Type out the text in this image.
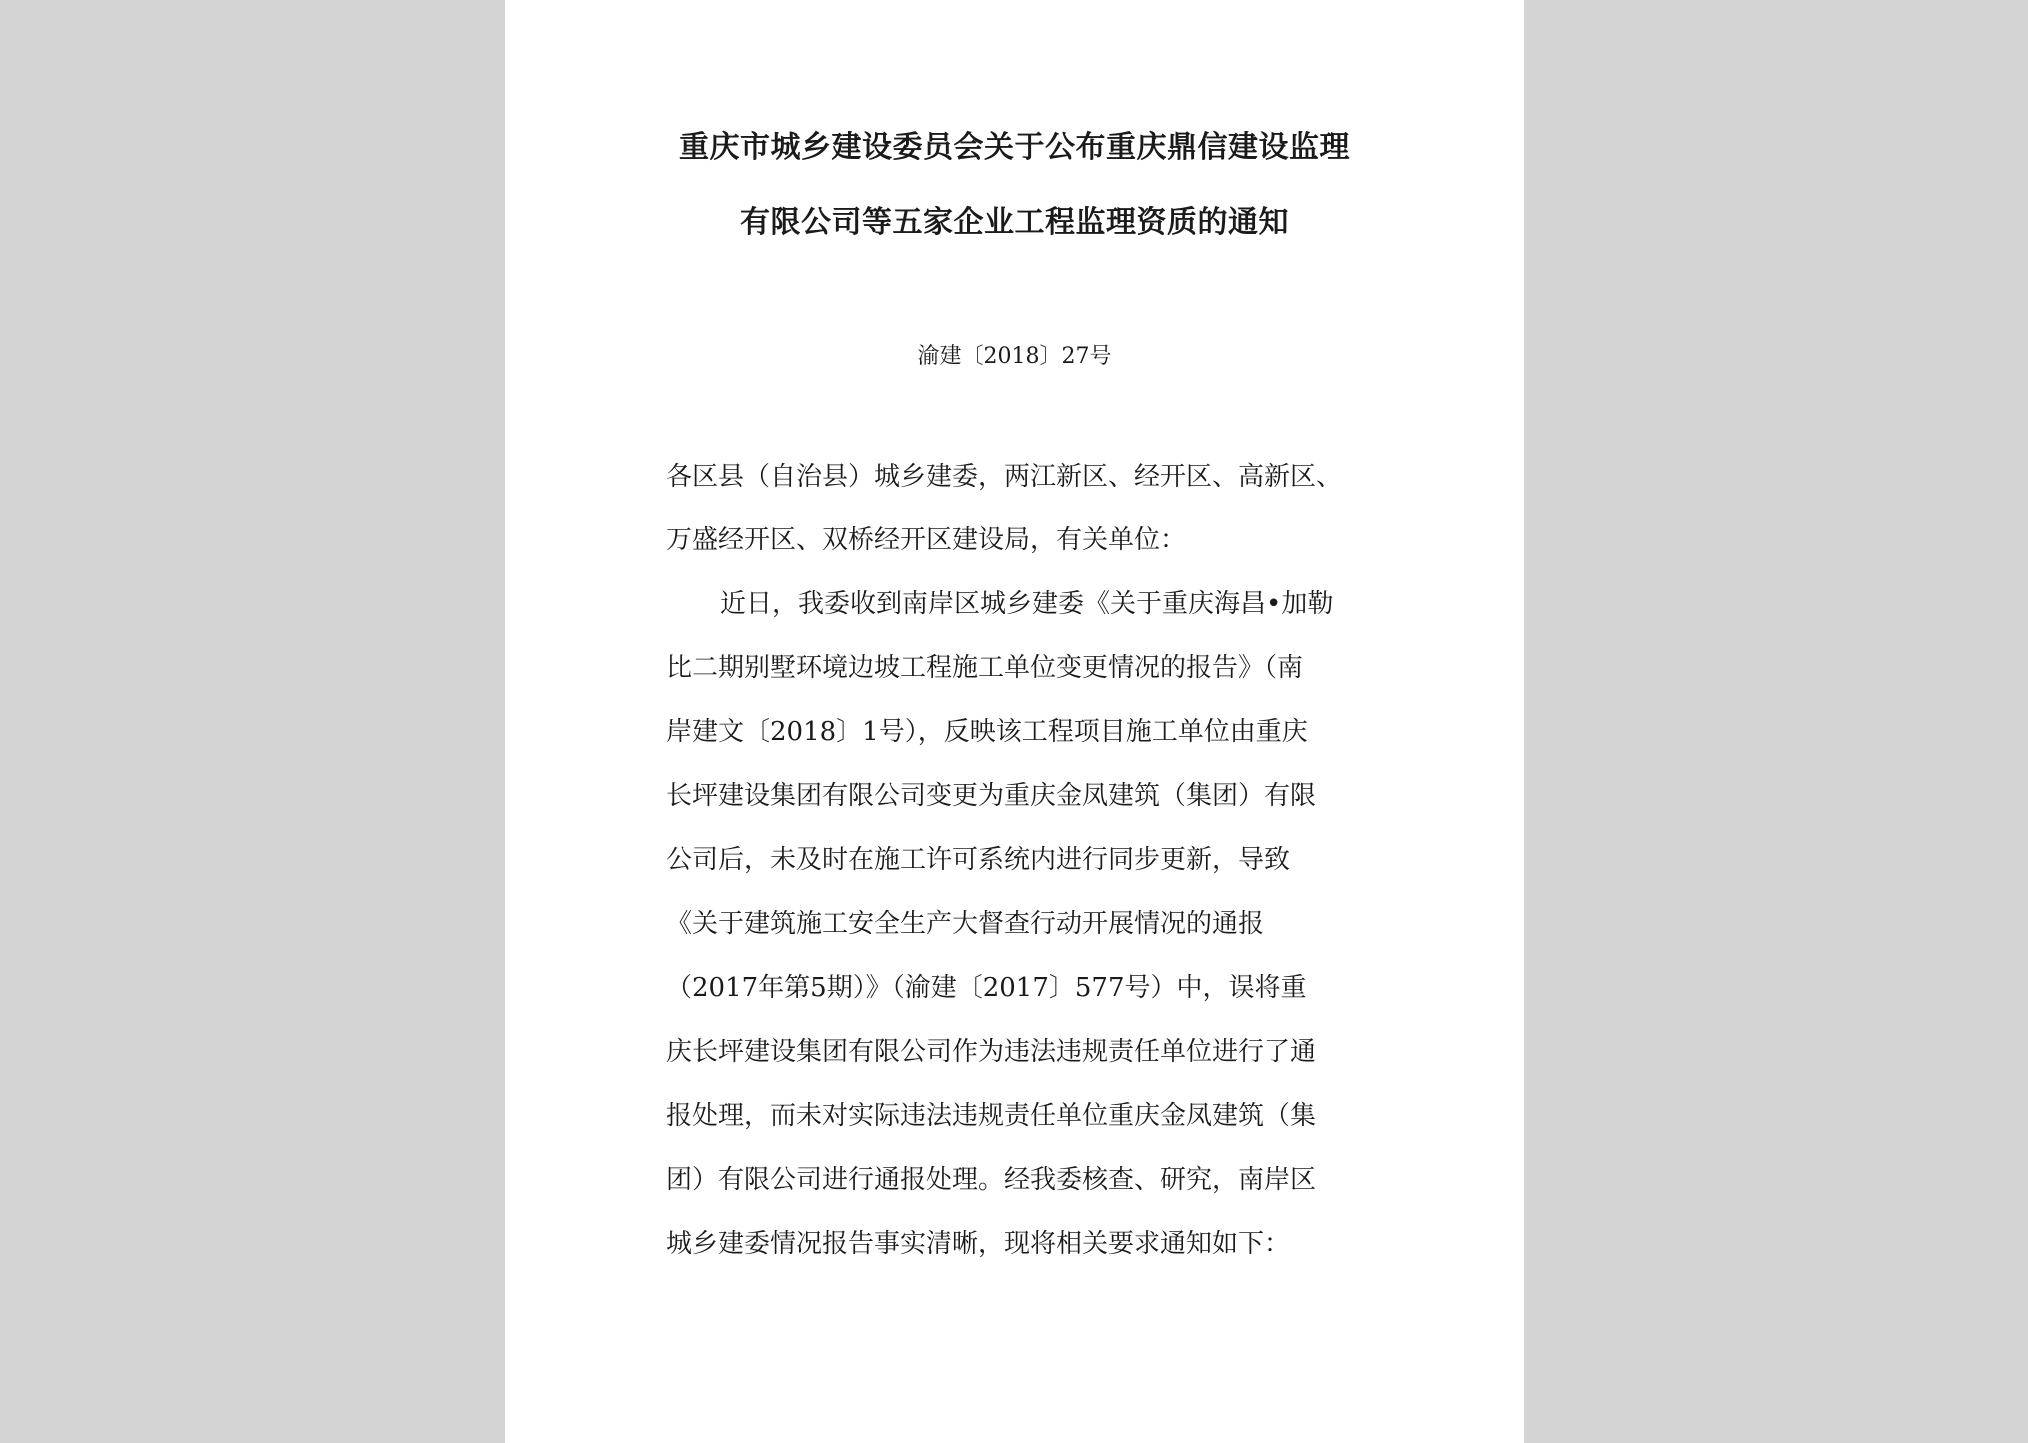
重庆市城乡建设委员会关于公布重庆鼎信建设监理
有限公司等五家企业工程监理资质的通知
渝建〔2018〕27号
各区县（自治县）城乡建委，两江新区、经开区、高新区、
万盛经开区、双桥经开区建设局，有关单位：
近日，我委收到南岸区城乡建委《关于重庆海昌•加勒
比二期别墅环境边坡工程施工单位变更情况的报告》（南
岸建文〔2018〕1号），反映该工程项目施工单位由重庆
长坪建设集团有限公司变更为重庆金凤建筑（集团）有限
公司后，未及时在施工许可系统内进行同步更新，导致
《关于建筑施工安全生产大督查行动开展情况的通报
（2017年第5期）》（渝建〔2017〕577号）中，误将重
庆长坪建设集团有限公司作为违法违规责任单位进行了通
报处理，而未对实际违法违规责任单位重庆金凤建筑（集
团）有限公司进行通报处理。经我委核查、研究，南岸区
城乡建委情况报告事实清晰，现将相关要求通知如下：
